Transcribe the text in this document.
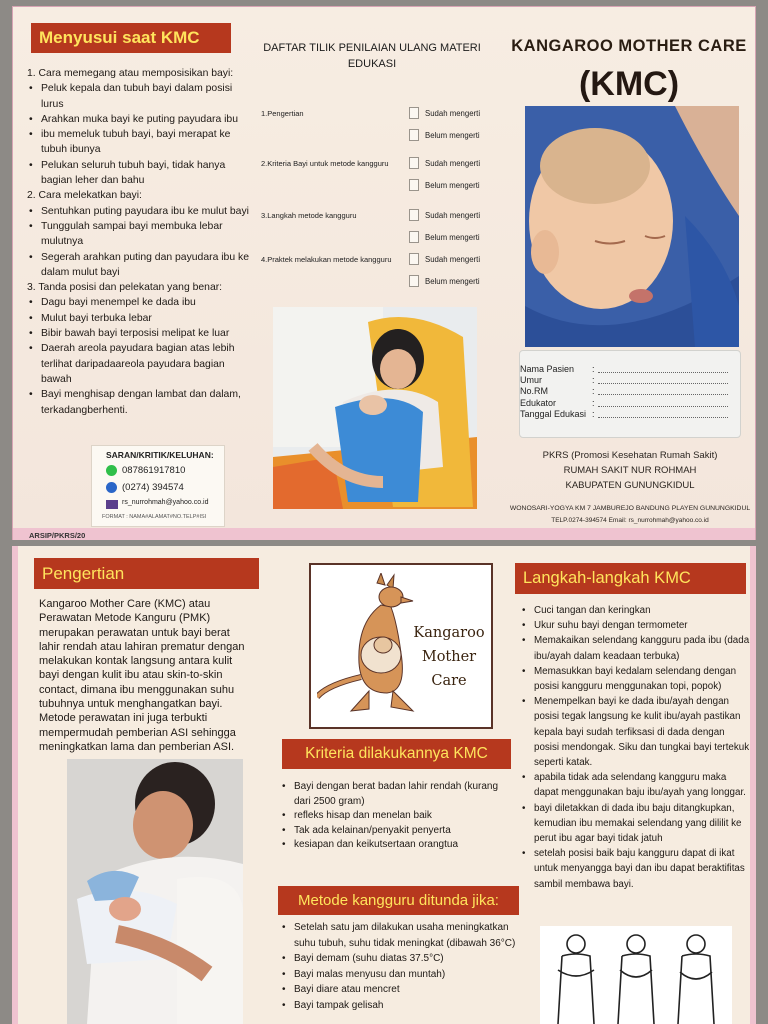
Menyusui saat KMC
1. Cara memegang atau memposisikan bayi:
• Peluk kepala dan tubuh bayi dalam posisi lurus
• Arahkan muka bayi ke puting payudara ibu
• ibu memeluk tubuh bayi, bayi merapat ke tubuh ibunya
• Pelukan seluruh tubuh bayi, tidak hanya bagian leher dan bahu
2. Cara melekatkan bayi:
• Sentuhkan puting payudara ibu ke mulut bayi
• Tunggulah sampai bayi membuka lebar mulutnya
• Segerah arahkan puting dan payudara ibu ke dalam mulut bayi
3. Tanda posisi dan pelekatan yang benar:
• Dagu bayi menempel ke dada ibu
• Mulut bayi terbuka lebar
• Bibir bawah bayi terposisi melipat ke luar
• Daerah areola payudara bagian atas lebih terlihat daripadaareola payudara bagian bawah
• Bayi menghisap dengan lambat dan dalam, terkadangberhenti.
SARAN/KRITIK/KELUHAN:
087861917810
(0274) 394574
rs_nurrohmah@yahoo.co.id
FORMAT : NAMA#ALAMAT#NO.TELP#ISI
ARSIP/PKRS/20
DAFTAR TILIK PENILAIAN ULANG MATERI EDUKASI
1.Pengertian	Sudah mengerti
Belum mengerti
2.Kriteria Bayi untuk metode kangguru	Sudah mengerti
Belum mengerti
3.Langkah metode kangguru	Sudah mengerti
Belum mengerti
4.Praktek melakukan metode kangguru	Sudah mengerti
Belum mengerti
KANGAROO MOTHER CARE
(KMC)
Nama Pasien :
Umur	:
No.RM	:
Edukator	:
Tanggal Edukasi :
PKRS (Promosi Kesehatan Rumah Sakit)
RUMAH SAKIT NUR ROHMAH
KABUPATEN GUNUNGKIDUL
WONOSARI-YOGYA KM 7 JAMBUREJO BANDUNG PLAYEN GUNUNGKIDUL
TELP.0274-394574 Email: rs_nurrohmah@yahoo.co.id
Pengertian
Kangaroo Mother Care (KMC) atau
Perawatan Metode Kanguru (PMK)
merupakan perawatan untuk bayi berat
lahir rendah atau lahiran prematur dengan
melakukan kontak langsung antara kulit
bayi dengan kulit ibu atau skin-to-skin
contact, dimana ibu menggunakan suhu
tubuhnya untuk menghangatkan bayi.
Metode perawatan ini juga terbukti
mempermudah pemberian ASI sehingga
meningkatkan lama dan pemberian ASI.
Kangaroo
Mother
Care
Kriteria dilakukannya KMC
• Bayi dengan berat badan lahir rendah (kurang dari 2500 gram)
• refleks hisap dan menelan baik
• Tak ada kelainan/penyakit penyerta
• kesiapan dan keikutsertaan orangtua
Metode kangguru ditunda jika:
• Setelah satu jam dilakukan usaha meningkatkan suhu tubuh, suhu tidak meningkat (dibawah 36°C)
• Bayi demam (suhu diatas 37.5°C)
• Bayi malas menyusu dan muntah)
• Bayi diare atau mencret
• Bayi tampak gelisah
Langkah-langkah KMC
• Cuci tangan dan keringkan
• Ukur suhu bayi dengan termometer
• Memakaikan selendang kangguru pada ibu (dada ibu/ayah dalam keadaan terbuka)
• Memasukkan bayi kedalam selendang dengan posisi kangguru menggunakan topi, popok)
• Menempelkan bayi ke dada ibu/ayah dengan posisi tegak langsung ke kulit ibu/ayah pastikan kepala bayi sudah terfiksasi di dada dengan posisi mendongak. Siku dan tungkai bayi tertekuk seperti katak.
• apabila tidak ada selendang kangguru maka dapat menggunakan baju ibu/ayah yang longgar.
• bayi diletakkan di dada ibu baju ditangkupkan, kemudian ibu memakai selendang yang dililit ke perut ibu agar bayi tidak jatuh
• setelah posisi baik baju kangguru dapat di ikat untuk menyangga bayi dan ibu dapat beraktifitas sambil membawa bayi.
